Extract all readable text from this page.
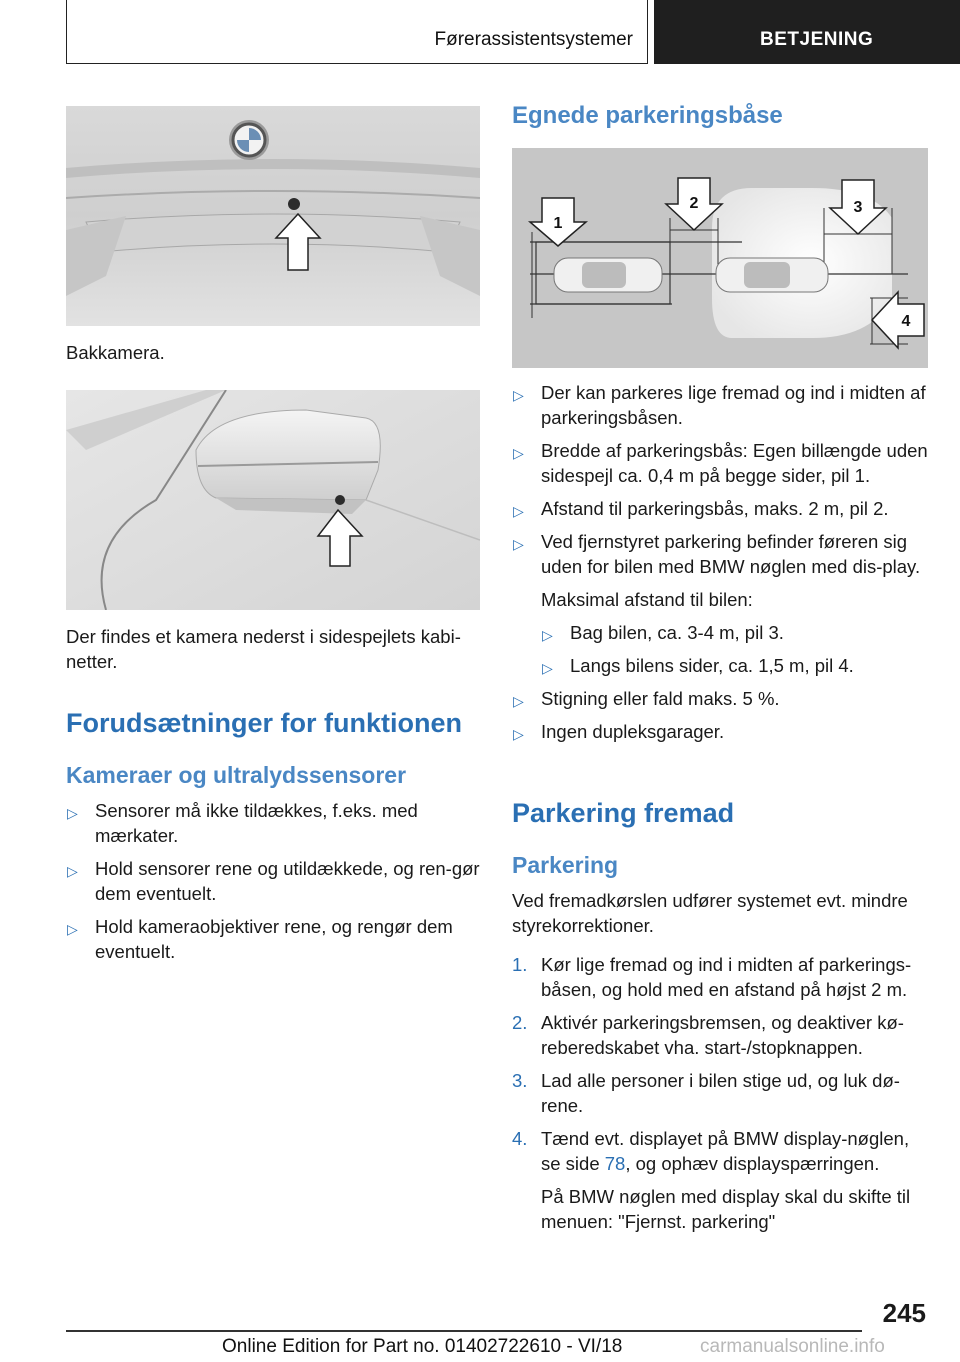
Førerassistentsystemer	BETJENING
Bakkamera.
Der findes et kamera nederst i sidespejlets kabi-netter.
Forudsætninger for funktionen
Kameraer og ultralydssensorer
▷ Sensorer må ikke tildækkes, f.eks. med mærkater.
▷ Hold sensorer rene og utildækkede, og ren-gør dem eventuelt.
▷ Hold kameraobjektiver rene, og rengør dem eventuelt.
Egnede parkeringsbåse
1
2	3
4
▷ Der kan parkeres lige fremad og ind i midten af parkeringsbåsen.
▷ Bredde af parkeringsbås: Egen billængde uden sidespejl ca. 0,4 m på begge sider, pil 1.
▷ Afstand til parkeringsbås, maks. 2 m, pil 2.
▷ Ved fjernstyret parkering befinder føreren sig uden for bilen med BMW nøglen med dis-play.
Maksimal afstand til bilen:
▷ Bag bilen, ca. 3-4 m, pil 3.
▷ Langs bilens sider, ca. 1,5 m, pil 4.
▷ Stigning eller fald maks. 5 %.
▷ Ingen dupleksgarager.
Parkering fremad
Parkering
Ved fremadkørslen udfører systemet evt. mindre styrekorrektioner.
1. Kør lige fremad og ind i midten af parkerings-båsen, og hold med en afstand på højst 2 m.
2. Aktivér parkeringsbremsen, og deaktiver kø-reberedskabet vha. start-/stopknappen.
3. Lad alle personer i bilen stige ud, og luk dø-rene.
4. Tænd evt. displayet på BMW display-nøglen, se side 78, og ophæv displayspærringen.
På BMW nøglen med display skal du skifte til menuen: "Fjernst. parkering"
245
Online Edition for Part no. 01402722610 - VI/18	carmanualsonline.info
